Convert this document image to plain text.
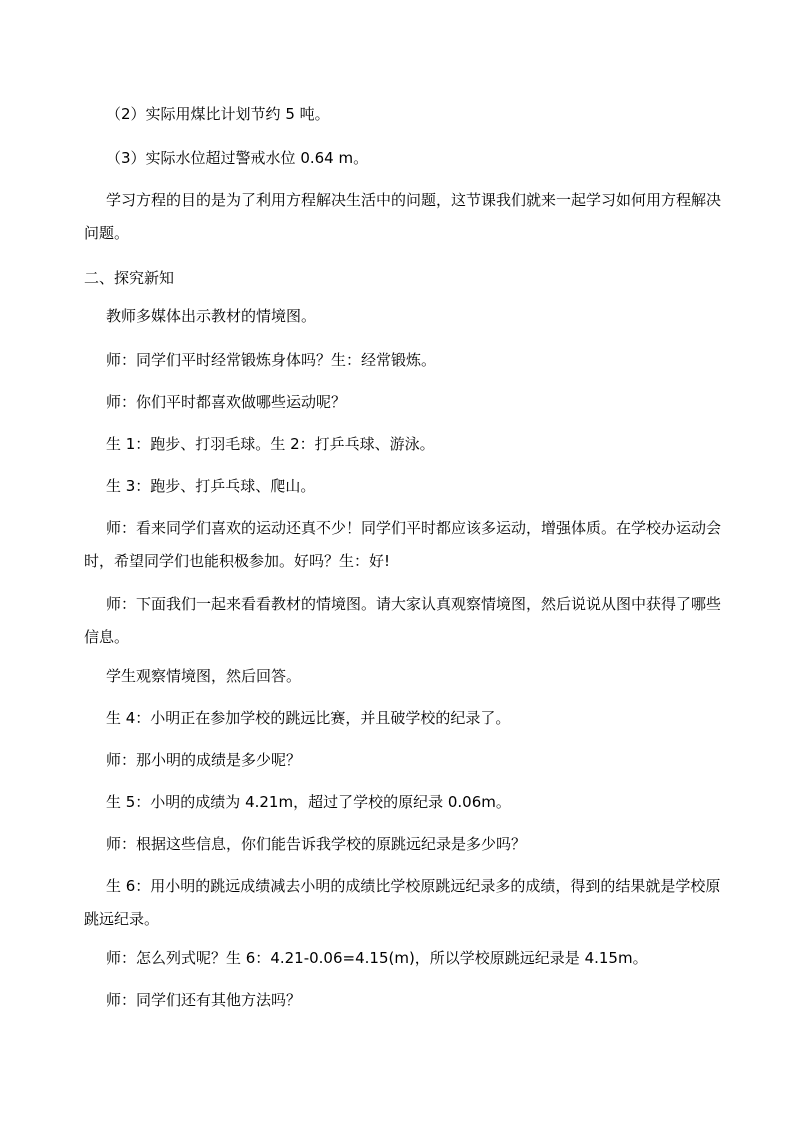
（2）实际用煤比计划节约 5 吨。

（3）实际水位超过警戒水位 0.64 m。

学习方程的目的是为了利用方程解决生活中的问题，这节课我们就来一起学习如何用方程解决问题。

二、探究新知

教师多媒体出示教材的情境图。

师：同学们平时经常锻炼身体吗？生：经常锻炼。

师：你们平时都喜欢做哪些运动呢？

生 1：跑步、打羽毛球。生 2：打乒乓球、游泳。

生 3：跑步、打乒乓球、爬山。

师：看来同学们喜欢的运动还真不少！同学们平时都应该多运动，增强体质。在学校办运动会时，希望同学们也能积极参加。好吗？生：好!

师：下面我们一起来看看教材的情境图。请大家认真观察情境图，然后说说从图中获得了哪些信息。

学生观察情境图，然后回答。

生 4：小明正在参加学校的跳远比赛，并且破学校的纪录了。

师：那小明的成绩是多少呢？

生 5：小明的成绩为 4.21m，超过了学校的原纪录 0.06m。

师：根据这些信息，你们能告诉我学校的原跳远纪录是多少吗？

生 6：用小明的跳远成绩减去小明的成绩比学校原跳远纪录多的成绩，得到的结果就是学校原跳远纪录。

师：怎么列式呢？生 6：4.21-0.06=4.15(m)，所以学校原跳远纪录是 4.15m。

师：同学们还有其他方法吗？
